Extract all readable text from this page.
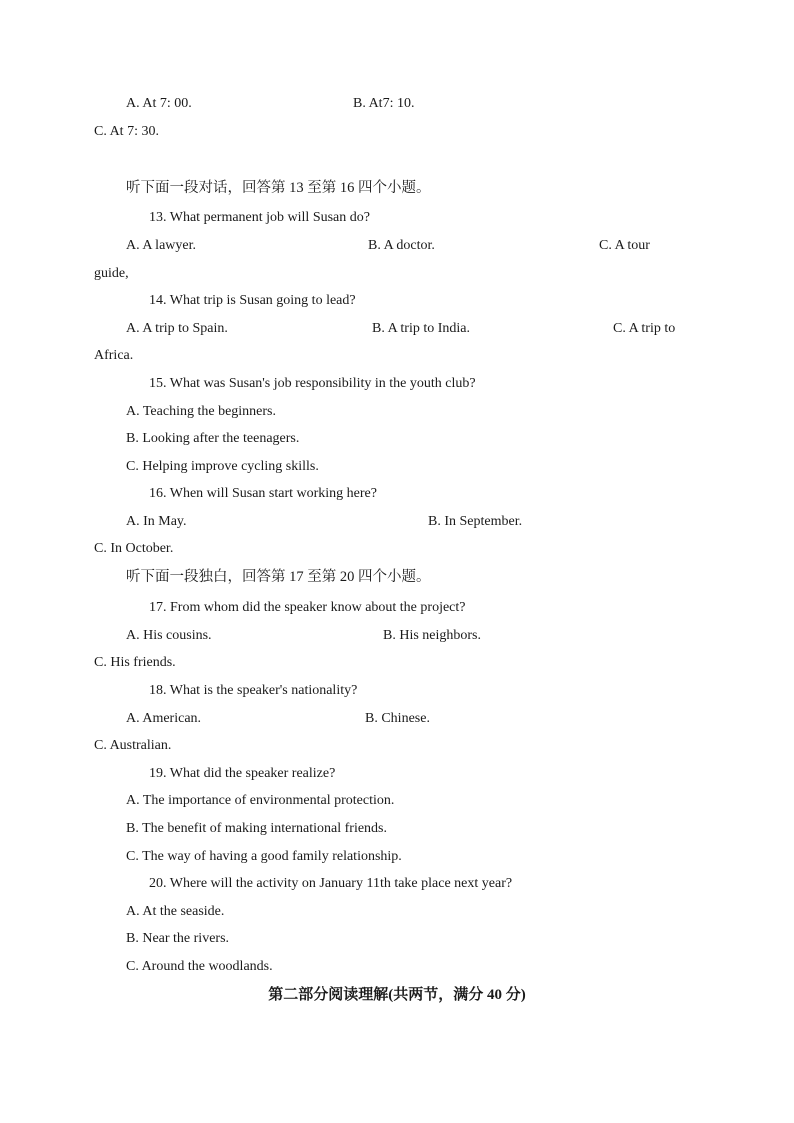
A. At 7: 00.	B. At7: 10.
C. At 7: 30.
听下面一段对话，回答第 13 至第 16 四个小题。
13. What permanent job will Susan do?
A. A lawyer.	B. A doctor.	C. A tour
guide,
14. What trip is Susan going to lead?
A. A trip to Spain.	B. A trip to India.	C. A trip to
Africa.
15. What was Susan's job responsibility in the youth club?
A. Teaching the beginners.
B. Looking after the teenagers.
C. Helping improve cycling skills.
16. When will Susan start working here?
A. In May.	B. In September.
C. In October.
听下面一段独白，回答第 17 至第 20 四个小题。
17. From whom did the speaker know about the project?
A. His cousins.	B. His neighbors.
C. His friends.
18. What is the speaker's nationality?
A. American.	B. Chinese.
C. Australian.
19. What did the speaker realize?
A. The importance of environmental protection.
B. The benefit of making international friends.
C. The way of having a good family relationship.
20. Where will the activity on January 11th take place next year?
A. At the seaside.
B. Near the rivers.
C. Around the woodlands.
第二部分阅读理解(共两节，满分 40 分)
